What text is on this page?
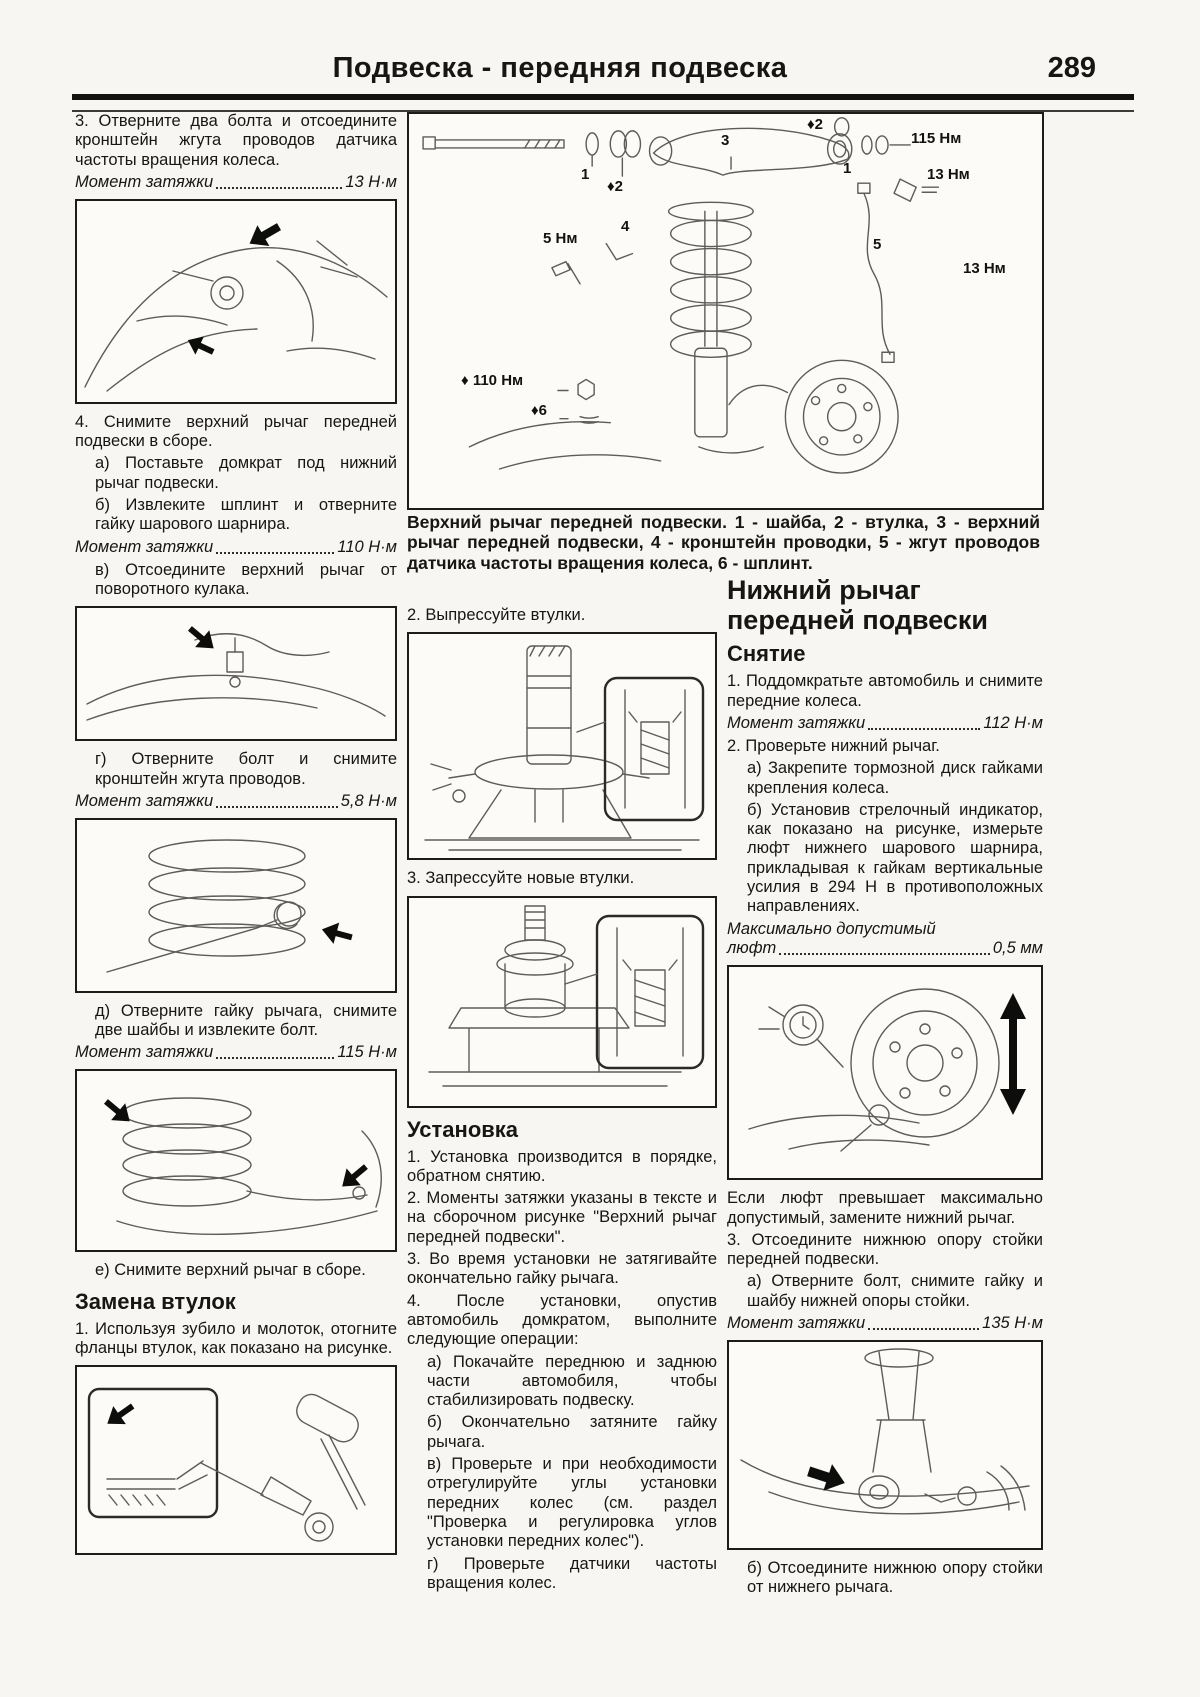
Подвеска - передняя подвеска	289
♦2
115 Нм
1	13 Нм
3
1
♦2
4
5 Нм	5
13 Нм
♦ 110 Нм
♦6
Верхний рычаг передней подвески. 1 - шайба, 2 - втулка, 3 - верхний рычаг передней подвески, 4 - кронштейн проводки, 5 - жгут проводов датчика частоты вращения колеса, 6 - шплинт.

3. Отверните два болта и отсоедините кронштейн жгута проводов датчика частоты вращения колеса.

Момент затяжки	13 Н·м

4. Снимите верхний рычаг передней подвески в сборе.

а) Поставьте домкрат под нижний рычаг подвески.

б) Извлеките шплинт и отверните гайку шарового шарнира.

Момент затяжки	110 Н·м

в) Отсоедините верхний рычаг от поворотного кулака.

г) Отверните болт и снимите кронштейн жгута проводов.

Момент затяжки	5,8 Н·м

д) Отверните гайку рычага, снимите две шайбы и извлеките болт.

Момент затяжки	115 Н·м

е) Снимите верхний рычаг в сборе.

Замена втулок

1. Используя зубило и молоток, отогните фланцы втулок, как показано на рисунке.

2. Выпрессуйте втулки.

3. Запрессуйте новые втулки.

Установка

1. Установка производится в порядке, обратном снятию.

2. Моменты затяжки указаны в тексте и на сборочном рисунке "Верхний рычаг передней подвески".

3. Во время установки не затягивайте окончательно гайку рычага.

4. После установки, опустив автомобиль домкратом, выполните следующие операции:

а) Покачайте переднюю и заднюю части автомобиля, чтобы стабилизировать подвеску.

б) Окончательно затяните гайку рычага.

в) Проверьте и при необходимости отрегулируйте углы установки передних колес (см. раздел "Проверка и регулировка углов установки передних колес").

г) Проверьте датчики частоты вращения колес.

Нижний рычаг
передней подвески
Снятие

1. Поддомкратьте автомобиль и снимите передние колеса.

Момент затяжки	112 Н·м

2. Проверьте нижний рычаг.

а) Закрепите тормозной диск гайками крепления колеса.

б) Установив стрелочный индикатор, как показано на рисунке, измерьте люфт нижнего шарового шарнира, прикладывая к гайкам вертикальные усилия в 294 Н в противоположных направлениях.

Максимально допустимый
люфт	0,5 мм

Если люфт превышает максимально допустимый, замените нижний рычаг.

3. Отсоедините нижнюю опору стойки передней подвески.

а) Отверните болт, снимите гайку и шайбу нижней опоры стойки.

Момент затяжки	135 Н·м

б) Отсоедините нижнюю опору стойки от нижнего рычага.
